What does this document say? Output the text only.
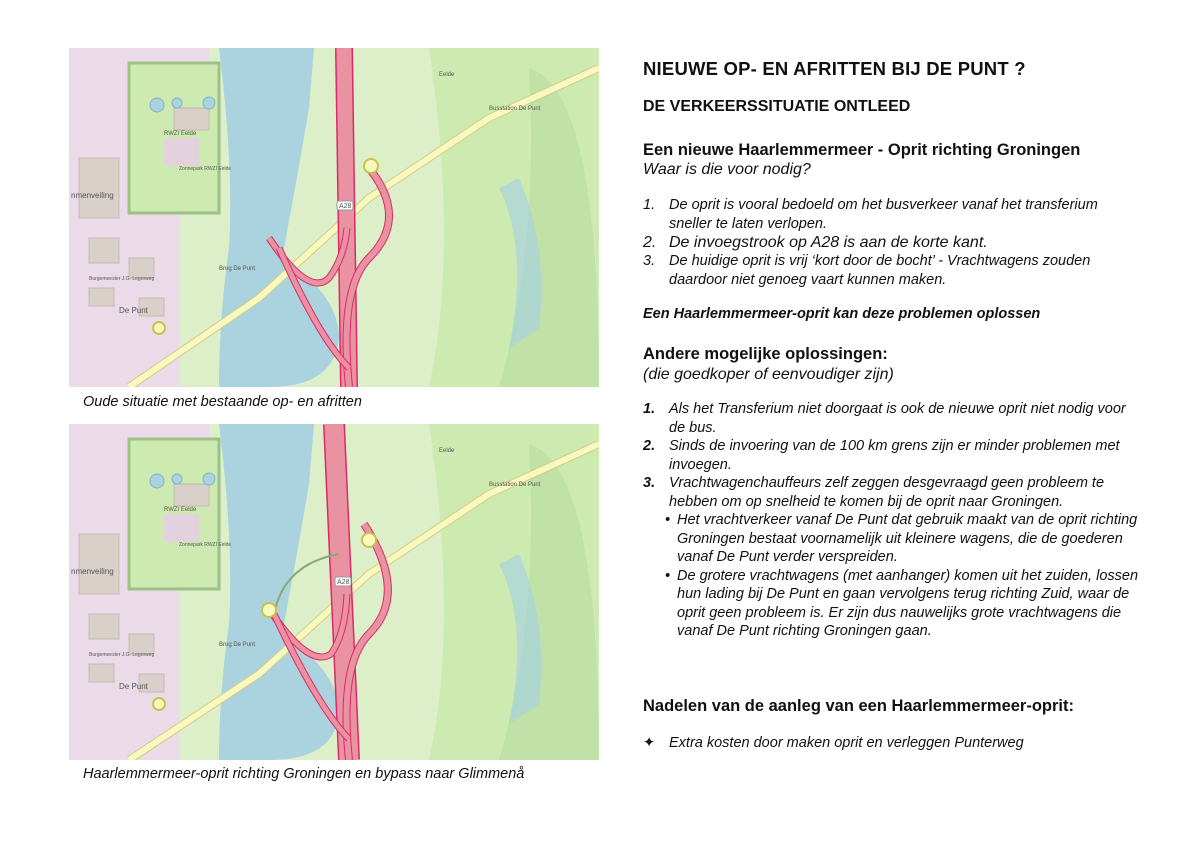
nmenveiling
De Punt
A28
Brug De Punt
RWZI Eelde
Zonnepark RWZI Eelde
Burgemeester J.G. Legroweg
Busstation De Punt
Eelde
Oude situatie met bestaande op- en afritten
nmenveiling
De Punt
A28
Brug De Punt
RWZI Eelde
Zonnepark RWZI Eelde
Burgemeester J.G. Legroweg
Busstation De Punt
Eelde
Haarlemmermeer-oprit richting Groningen en bypass naar Glimmenå
NIEUWE OP- EN AFRITTEN BIJ DE PUNT ?
DE VERKEERSSITUATIE ONTLEED
Een nieuwe Haarlemmermeer - Oprit richting Groningen
Waar is die voor nodig?
1. De oprit is vooral bedoeld om het busverkeer vanaf het transferium sneller te laten verlopen.
2. De invoegstrook op A28 is aan de korte kant.
3. De huidige oprit is vrij ‘kort door de bocht’ - Vrachtwagens zouden daardoor niet genoeg vaart kunnen maken.
Een Haarlemmermeer-oprit kan deze problemen oplossen
Andere mogelijke oplossingen:
(die goedkoper of eenvoudiger zijn)
1. Als het Transferium niet doorgaat is ook de nieuwe oprit niet nodig voor de bus.
2. Sinds de invoering van de 100 km grens zijn er minder problemen met invoegen.
3. Vrachtwagenchauffeurs zelf zeggen desgevraagd geen probleem te hebben om op snelheid te komen bij de oprit naar Groningen.
• Het vrachtverkeer vanaf De Punt dat gebruik maakt van de oprit richting Groningen bestaat voornamelijk uit kleinere wagens, die de goederen vanaf De Punt verder verspreiden.
• De grotere vrachtwagens (met aanhanger) komen uit het zuiden, lossen hun lading bij De Punt en gaan vervolgens terug richting Zuid, waar de oprit geen probleem is. Er zijn dus nauwelijks grote vrachtwagens die vanaf De Punt richting Groningen gaan.
Nadelen van de aanleg van een Haarlemmermeer-oprit:
✦ Extra kosten door maken oprit en verleggen Punterweg
